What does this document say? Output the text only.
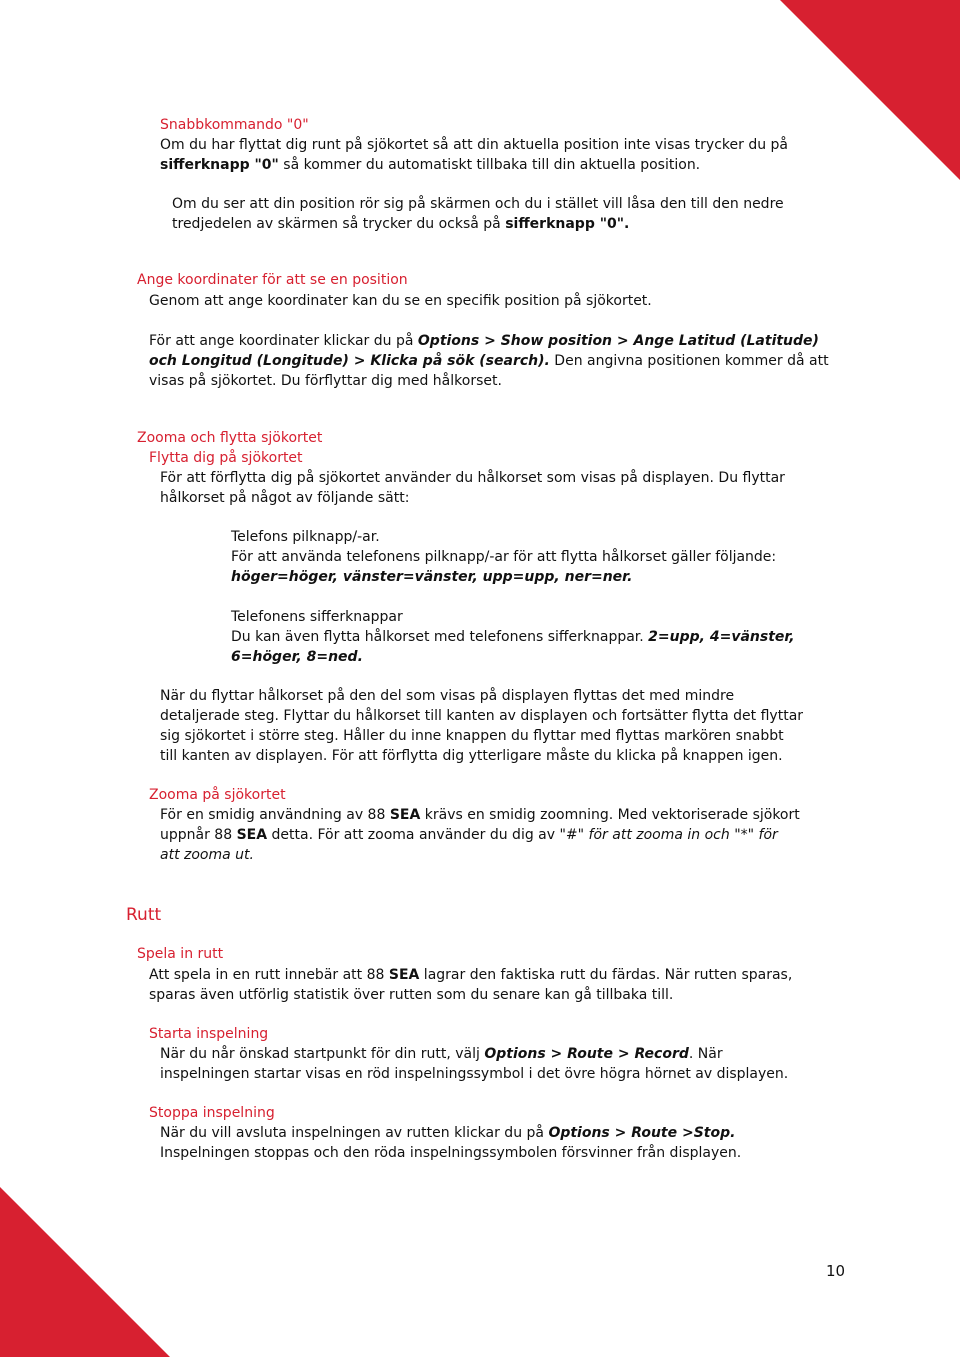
Snabbkommando "0"

Om du har flyttat dig runt på sjökortet så att din aktuella position inte visas trycker du på

sifferknapp "0" så kommer du automatiskt tillbaka till din aktuella position.

Om du ser att din position rör sig på skärmen och du i stället vill låsa den till den nedre

tredjedelen av skärmen så trycker du också på sifferknapp "0".

Ange koordinater för att se en position

Genom att ange koordinater kan du se en specifik position på sjökortet.

För att ange koordinater klickar du på Options > Show position > Ange Latitud (Latitude)

och Longitud (Longitude) > Klicka på sök (search). Den angivna positionen kommer då att

visas på sjökortet. Du förflyttar dig med hålkorset.

Zooma och flytta sjökortet

Flytta dig på sjökortet

För att förflytta dig på sjökortet använder du hålkorset som visas på displayen. Du flyttar

hålkorset på något av följande sätt:

Telefons pilknapp/-ar.

För att använda telefonens pilknapp/-ar för att flytta hålkorset gäller följande:

höger=höger, vänster=vänster, upp=upp, ner=ner.

Telefonens sifferknappar

Du kan även flytta hålkorset med telefonens sifferknappar. 2=upp, 4=vänster,

6=höger, 8=ned.

När du flyttar hålkorset på den del som visas på displayen flyttas det med mindre

detaljerade steg. Flyttar du hålkorset till kanten av displayen och fortsätter flytta det flyttar

sig sjökortet i större steg. Håller du inne knappen du flyttar med flyttas markören snabbt

till kanten av displayen. För att förflytta dig ytterligare måste du klicka på knappen igen.

Zooma på sjökortet

För en smidig användning av 88 SEA krävs en smidig zoomning. Med vektoriserade sjökort

uppnår 88 SEA detta. För att zooma använder du dig av "#" för att zooma in och "*" för

att zooma ut.

Rutt

Spela in rutt

Att spela in en rutt innebär att 88 SEA lagrar den faktiska rutt du färdas. När rutten sparas,

sparas även utförlig statistik över rutten som du senare kan gå tillbaka till.

Starta inspelning

När du når önskad startpunkt för din rutt, välj Options > Route > Record. När

inspelningen startar visas en röd inspelningssymbol i det övre högra hörnet av displayen.

Stoppa inspelning

När du vill avsluta inspelningen av rutten klickar du på Options > Route >Stop.

Inspelningen stoppas och den röda inspelningssymbolen försvinner från displayen.

10
